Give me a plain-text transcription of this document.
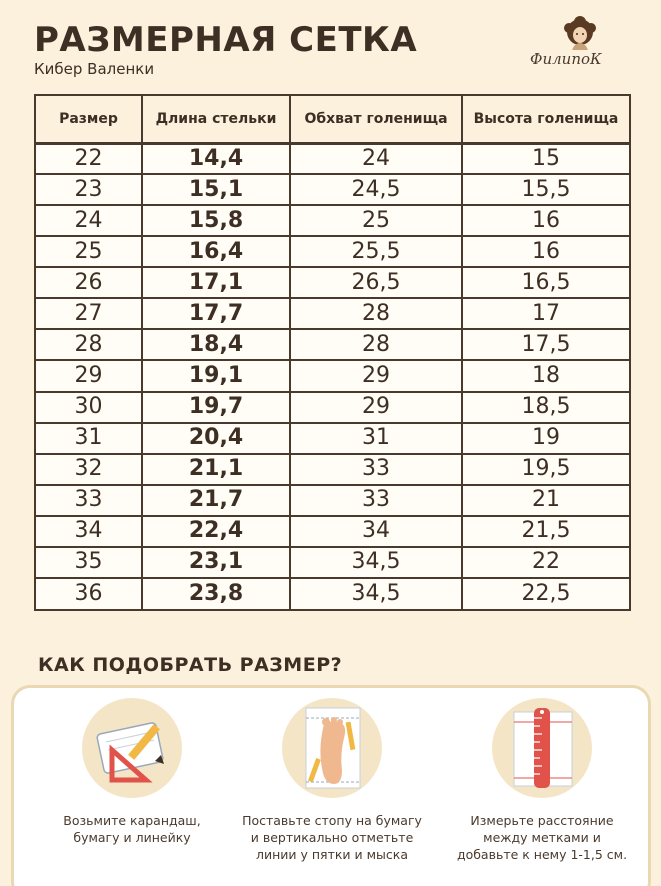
РАЗМЕРНАЯ СЕТКА
Кибер Валенки
ФилипоК
Размер	Длина стельки	Обхват голенища	Высота голенища
22	14,4	24	15
23	15,1	24,5	15,5
24	15,8	25	16
25	16,4	25,5	16
26	17,1	26,5	16,5
27	17,7	28	17
28	18,4	28	17,5
29	19,1	29	18
30	19,7	29	18,5
31	20,4	31	19
32	21,1	33	19,5
33	21,7	33	21
34	22,4	34	21,5
35	23,1	34,5	22
36	23,8	34,5	22,5
КАК ПОДОБРАТЬ РАЗМЕР?
Возьмите карандаш,
бумагу и линейку
Поставьте стопу на бумагу
и вертикально отметьте
линии у пятки и мыска
Измерьте расстояние
между метками и
добавьте к нему 1-1,5 см.
